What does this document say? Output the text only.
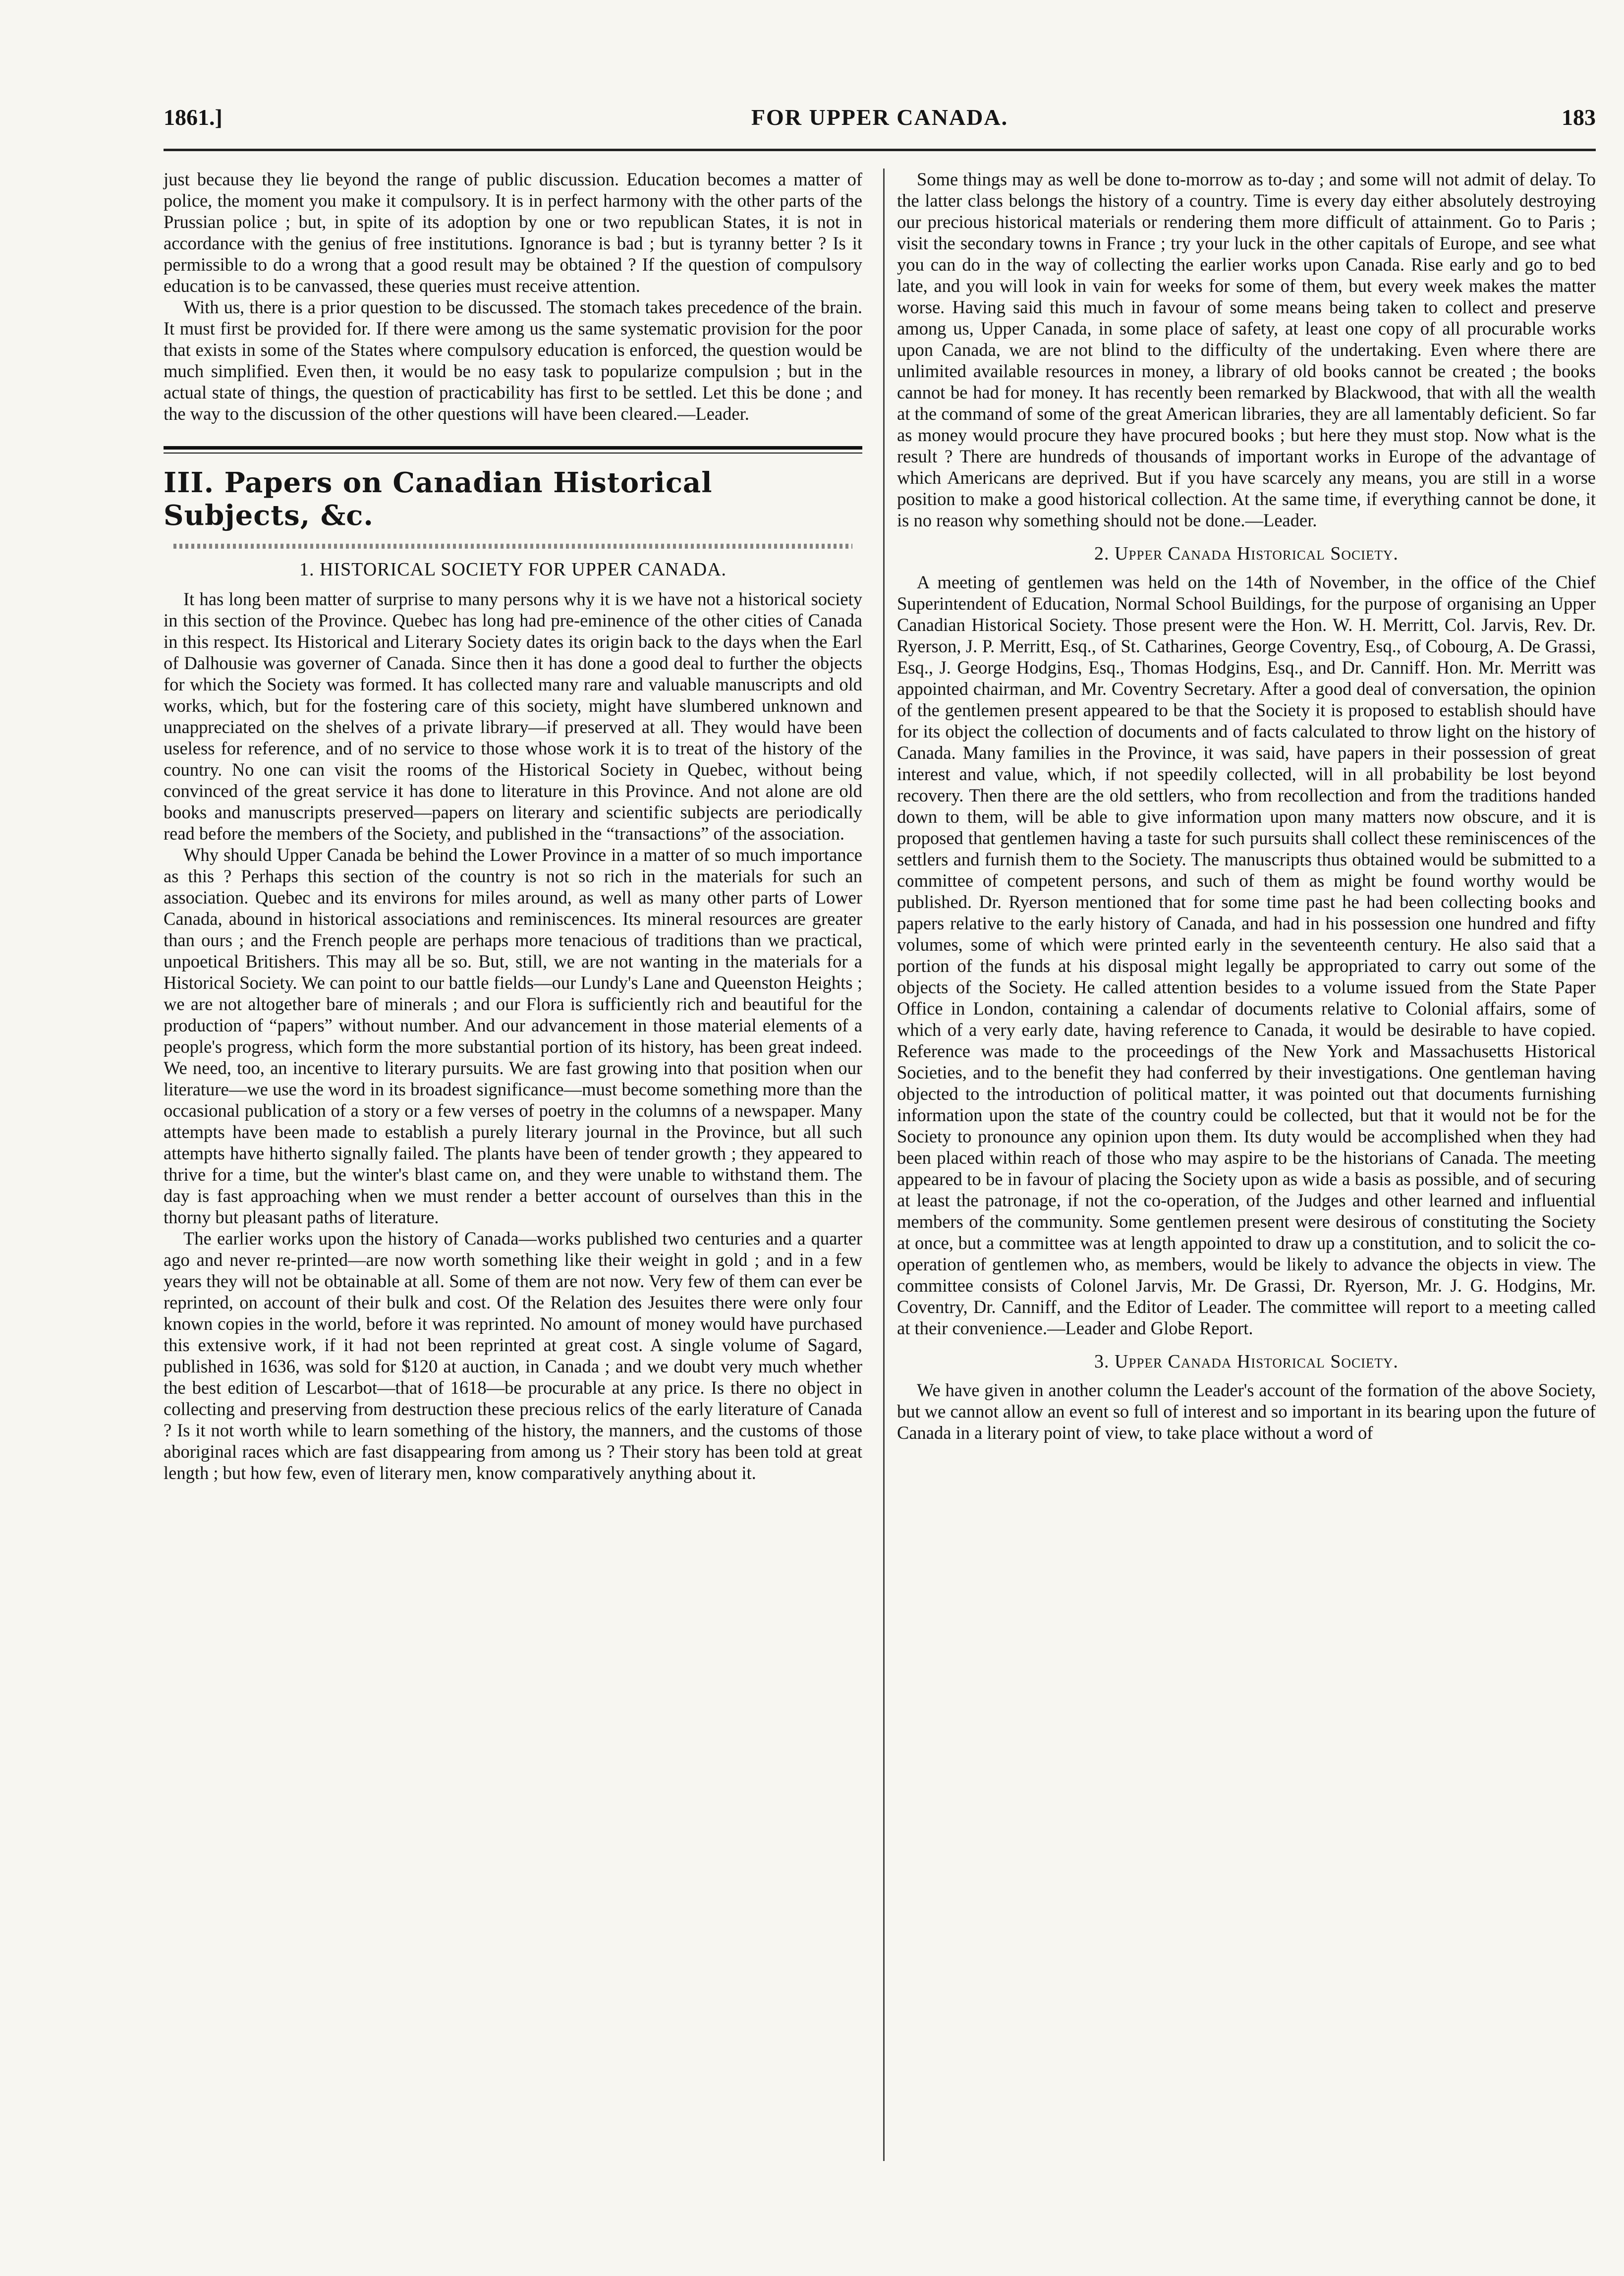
1861.]	FOR UPPER CANADA.	183

just because they lie beyond the range of public discussion. Education becomes a matter of police, the moment you make it compulsory. It is in perfect harmony with the other parts of the Prussian police ; but, in spite of its adoption by one or two republican States, it is not in accordance with the genius of free institutions. Ignorance is bad ; but is tyranny better ? Is it permissible to do a wrong that a good result may be obtained ? If the question of compulsory education is to be canvassed, these queries must receive attention.

With us, there is a prior question to be discussed. The stomach takes precedence of the brain. It must first be provided for. If there were among us the same systematic provision for the poor that exists in some of the States where compulsory education is enforced, the question would be much simplified. Even then, it would be no easy task to popularize compulsion ; but in the actual state of things, the question of practicability has first to be settled. Let this be done ; and the way to the discussion of the other questions will have been cleared.—Leader.

III. Papers on Canadian Historical Subjects, &c.
1. HISTORICAL SOCIETY FOR UPPER CANADA.

It has long been matter of surprise to many persons why it is we have not a historical society in this section of the Province. Quebec has long had pre-eminence of the other cities of Canada in this respect. Its Historical and Literary Society dates its origin back to the days when the Earl of Dalhousie was governer of Canada. Since then it has done a good deal to further the objects for which the Society was formed. It has collected many rare and valuable manuscripts and old works, which, but for the fostering care of this society, might have slumbered unknown and unappreciated on the shelves of a private library—if preserved at all. They would have been useless for reference, and of no service to those whose work it is to treat of the history of the country. No one can visit the rooms of the Historical Society in Quebec, without being convinced of the great service it has done to literature in this Province. And not alone are old books and manuscripts preserved—papers on literary and scientific subjects are periodically read before the members of the Society, and published in the “transactions” of the association.

Why should Upper Canada be behind the Lower Province in a matter of so much importance as this ? Perhaps this section of the country is not so rich in the materials for such an association. Quebec and its environs for miles around, as well as many other parts of Lower Canada, abound in historical associations and reminiscences. Its mineral resources are greater than ours ; and the French people are perhaps more tenacious of traditions than we practical, unpoetical Britishers. This may all be so. But, still, we are not wanting in the materials for a Historical Society. We can point to our battle fields—our Lundy's Lane and Queenston Heights ; we are not altogether bare of minerals ; and our Flora is sufficiently rich and beautiful for the production of “papers” without number. And our advancement in those material elements of a people's progress, which form the more substantial portion of its history, has been great indeed. We need, too, an incentive to literary pursuits. We are fast growing into that position when our literature—we use the word in its broadest significance—must become something more than the occasional publication of a story or a few verses of poetry in the columns of a newspaper. Many attempts have been made to establish a purely literary journal in the Province, but all such attempts have hitherto signally failed. The plants have been of tender growth ; they appeared to thrive for a time, but the winter's blast came on, and they were unable to withstand them. The day is fast approaching when we must render a better account of ourselves than this in the thorny but pleasant paths of literature.

The earlier works upon the history of Canada—works published two centuries and a quarter ago and never re-printed—are now worth something like their weight in gold ; and in a few years they will not be obtainable at all. Some of them are not now. Very few of them can ever be reprinted, on account of their bulk and cost. Of the Relation des Jesuites there were only four known copies in the world, before it was reprinted. No amount of money would have purchased this extensive work, if it had not been reprinted at great cost. A single volume of Sagard, published in 1636, was sold for $120 at auction, in Canada ; and we doubt very much whether the best edition of Lescarbot—that of 1618—be procurable at any price. Is there no object in collecting and preserving from destruction these precious relics of the early literature of Canada ? Is it not worth while to learn something of the history, the manners, and the customs of those aboriginal races which are fast disappearing from among us ? Their story has been told at great length ; but how few, even of literary men, know comparatively anything about it.

Some things may as well be done to-morrow as to-day ; and some will not admit of delay. To the latter class belongs the history of a country. Time is every day either absolutely destroying our precious historical materials or rendering them more difficult of attainment. Go to Paris ; visit the secondary towns in France ; try your luck in the other capitals of Europe, and see what you can do in the way of collecting the earlier works upon Canada. Rise early and go to bed late, and you will look in vain for weeks for some of them, but every week makes the matter worse. Having said this much in favour of some means being taken to collect and preserve among us, Upper Canada, in some place of safety, at least one copy of all procurable works upon Canada, we are not blind to the difficulty of the undertaking. Even where there are unlimited available resources in money, a library of old books cannot be created ; the books cannot be had for money. It has recently been remarked by Blackwood, that with all the wealth at the command of some of the great American libraries, they are all lamentably deficient. So far as money would procure they have procured books ; but here they must stop. Now what is the result ? There are hundreds of thousands of important works in Europe of the advantage of which Americans are deprived. But if you have scarcely any means, you are still in a worse position to make a good historical collection. At the same time, if everything cannot be done, it is no reason why something should not be done.—Leader.

2. Upper Canada Historical Society.

A meeting of gentlemen was held on the 14th of November, in the office of the Chief Superintendent of Education, Normal School Buildings, for the purpose of organising an Upper Canadian Historical Society. Those present were the Hon. W. H. Merritt, Col. Jarvis, Rev. Dr. Ryerson, J. P. Merritt, Esq., of St. Catharines, George Coventry, Esq., of Cobourg, A. De Grassi, Esq., J. George Hodgins, Esq., Thomas Hodgins, Esq., and Dr. Canniff. Hon. Mr. Merritt was appointed chairman, and Mr. Coventry Secretary. After a good deal of conversation, the opinion of the gentlemen present appeared to be that the Society it is proposed to establish should have for its object the collection of documents and of facts calculated to throw light on the history of Canada. Many families in the Province, it was said, have papers in their possession of great interest and value, which, if not speedily collected, will in all probability be lost beyond recovery. Then there are the old settlers, who from recollection and from the traditions handed down to them, will be able to give information upon many matters now obscure, and it is proposed that gentlemen having a taste for such pursuits shall collect these reminiscences of the settlers and furnish them to the Society. The manuscripts thus obtained would be submitted to a committee of competent persons, and such of them as might be found worthy would be published. Dr. Ryerson mentioned that for some time past he had been collecting books and papers relative to the early history of Canada, and had in his possession one hundred and fifty volumes, some of which were printed early in the seventeenth century. He also said that a portion of the funds at his disposal might legally be appropriated to carry out some of the objects of the Society. He called attention besides to a volume issued from the State Paper Office in London, containing a calendar of documents relative to Colonial affairs, some of which of a very early date, having reference to Canada, it would be desirable to have copied. Reference was made to the proceedings of the New York and Massachusetts Historical Societies, and to the benefit they had conferred by their investigations. One gentleman having objected to the introduction of political matter, it was pointed out that documents furnishing information upon the state of the country could be collected, but that it would not be for the Society to pronounce any opinion upon them. Its duty would be accomplished when they had been placed within reach of those who may aspire to be the historians of Canada. The meeting appeared to be in favour of placing the Society upon as wide a basis as possible, and of securing at least the patronage, if not the co-operation, of the Judges and other learned and influential members of the community. Some gentlemen present were desirous of constituting the Society at once, but a committee was at length appointed to draw up a constitution, and to solicit the co-operation of gentlemen who, as members, would be likely to advance the objects in view. The committee consists of Colonel Jarvis, Mr. De Grassi, Dr. Ryerson, Mr. J. G. Hodgins, Mr. Coventry, Dr. Canniff, and the Editor of Leader. The committee will report to a meeting called at their convenience.—Leader and Globe Report.

3. Upper Canada Historical Society.

We have given in another column the Leader's account of the formation of the above Society, but we cannot allow an event so full of interest and so important in its bearing upon the future of Canada in a literary point of view, to take place without a word of
